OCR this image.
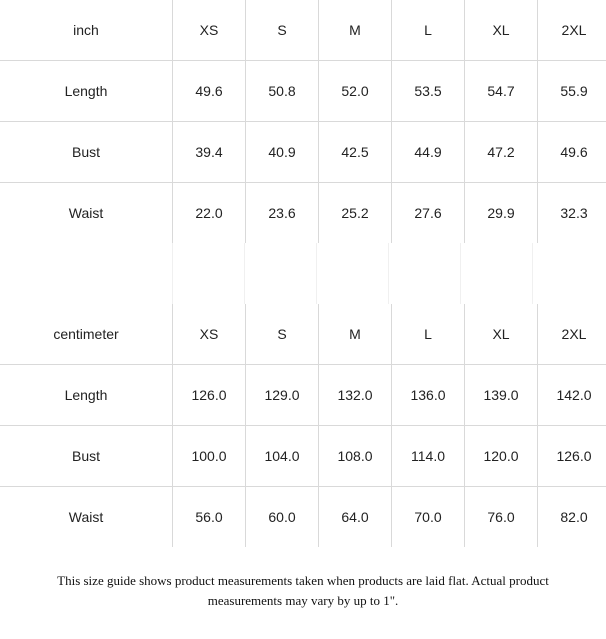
inch	XS	S	M	L	XL	2XL
Length	49.6	50.8	52.0	53.5	54.7	55.9
Bust	39.4	40.9	42.5	44.9	47.2	49.6
Waist	22.0	23.6	25.2	27.6	29.9	32.3
centimeter	XS	S	M	L	XL	2XL
Length	126.0	129.0	132.0	136.0	139.0	142.0
Bust	100.0	104.0	108.0	114.0	120.0	126.0
Waist	56.0	60.0	64.0	70.0	76.0	82.0
This size guide shows product measurements taken when products are laid flat. Actual product
measurements may vary by up to 1".
